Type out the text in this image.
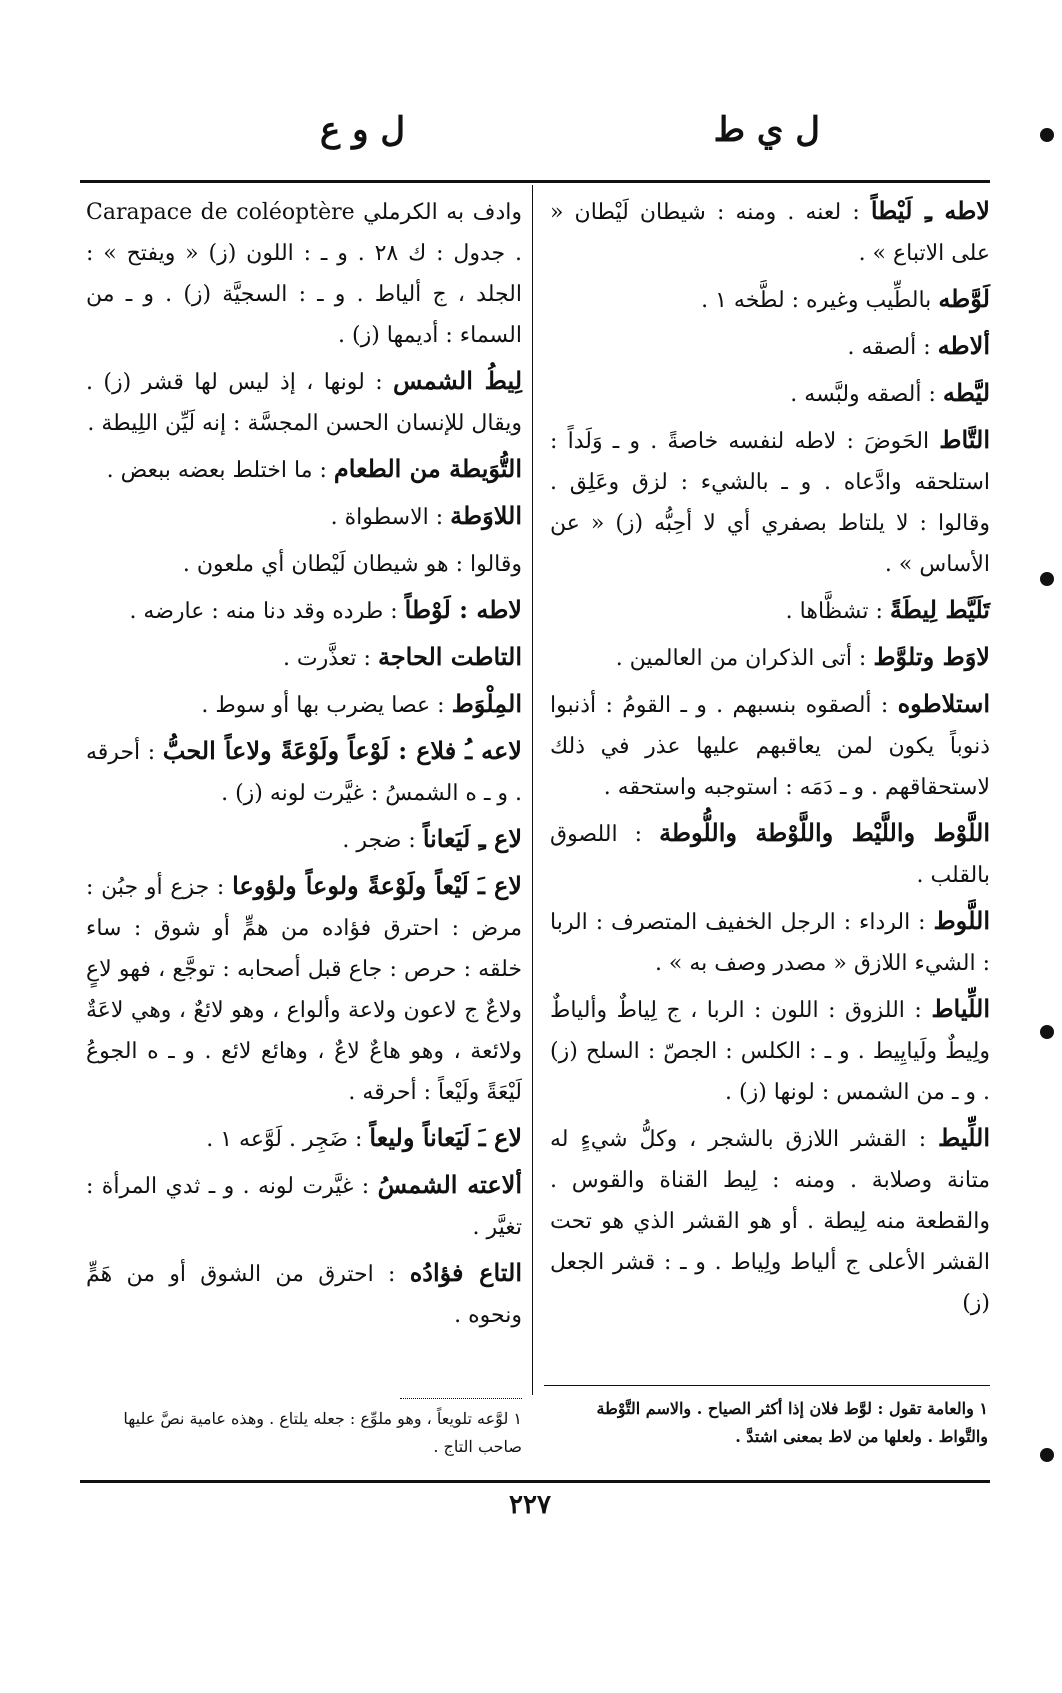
ل ي ط
ل و ع

لاطه ـِ لَيْطاً : لعنه . ومنه : شيطان لَيْطان « على الاتباع » .

لَوَّطه بالطِّيب وغيره : لطَّخه ١ .

ألاطه : ألصقه .

ليَّطه : ألصقه ولبَّسه .

التَّاط الحَوضَ : لاطه لنفسه خاصةً . و ـ وَلَداً : استلحقه وادَّعاه . و ـ بالشيء : لزق وعَلِق . وقالوا : لا يلتاط بصفري أي لا أحِبُّه (ز) « عن الأساس » .

تَلَيَّط لِيطَةً : تشظَّاها .

لاوَط وتلوَّط : أتى الذكران من العالمين .

استلاطوه : ألصقوه بنسبهم . و ـ القومُ : أذنبوا ذنوباً يكون لمن يعاقبهم عليها عذر في ذلك لاستحقاقهم . و ـ دَمَه : استوجبه واستحقه .

اللَّوْط واللَّيْط واللَّوْطة واللُّوطة : اللصوق بالقلب .

اللَّوط : الرداء : الرجل الخفيف المتصرف : الربا : الشيء اللازق « مصدر وصف به » .

اللِّياط : اللزوق : اللون : الربا ، ج لِياطٌ وألياطٌ ولِيطٌ ولَيايِيط . و ـ : الكلس : الجصّ : السلح (ز) . و ـ من الشمس : لونها (ز) .

اللِّيط : القشر اللازق بالشجر ، وكلُّ شيءٍ له متانة وصلابة . ومنه : لِيط القناة والقوس . والقطعة منه لِيطة . أو هو القشر الذي هو تحت القشر الأعلى ج ألياط ولِياط . و ـ : قشر الجعل (ز)

وادف به الكرملي Carapace de coléoptère . جدول : ك ٢٨ . و ـ : اللون (ز) « ويفتح » : الجلد ، ج ألياط . و ـ : السجيَّة (ز) . و ـ من السماء : أديمها (ز) .

لِيطُ الشمس : لونها ، إذ ليس لها قشر (ز) . ويقال للإنسان الحسن المجسَّة : إنه لَيِّن اللِيطة .

التُّوَيطة من الطعام : ما اختلط بعضه ببعض .

اللاوَطة : الاسطواة .

وقالوا : هو شيطان لَيْطان أي ملعون .

لاطه : لَوْطاً : طرده وقد دنا منه : عارضه .

التاطت الحاجة : تعذَّرت .

المِلْوَط : عصا يضرب بها أو سوط .

لاعه ـُ فلاع : لَوْعاً ولَوْعَةً ولاعاً الحبُّ : أحرقه . و ـ ه الشمسُ : غيَّرت لونه (ز) .

لاع ـِ لَيَعاناً : ضجر .

لاع ـَ لَيْعاً ولَوْعةً ولوعاً ولؤوعا : جزع أو جبُن : مرض : احترق فؤاده من همٍّ أو شوق : ساء خلقه : حرص : جاع قبل أصحابه : توجَّع ، فهو لاعٍ ولاعٌ ج لاعون ولاعة وألواع ، وهو لائعٌ ، وهي لاعَةٌ ولائعة ، وهو هاعٌ لاعٌ ، وهائع لائع . و ـ ه الجوعُ لَيْعَةً ولَيْعاً : أحرقه .

لاع ـَ لَيَعاناً وليعاً : ضَجِر . لَوَّعه ١ .

ألاعته الشمسُ : غيَّرت لونه . و ـ ثدي المرأة : تغيَّر .

التاع فؤادُه : احترق من الشوق أو من هَمٍّ ونحوه .

١ والعامة تقول : لوَّط فلان إذا أكثر الصياح . والاسم التَّوْطة والتَّواط . ولعلها من لاط بمعنى اشتدَّ .
١ لوَّعه تلويعاً ، وهو ملوِّع : جعله يلتاع . وهذه عامية نصَّ عليها صاحب التاج .
٢٢٧
